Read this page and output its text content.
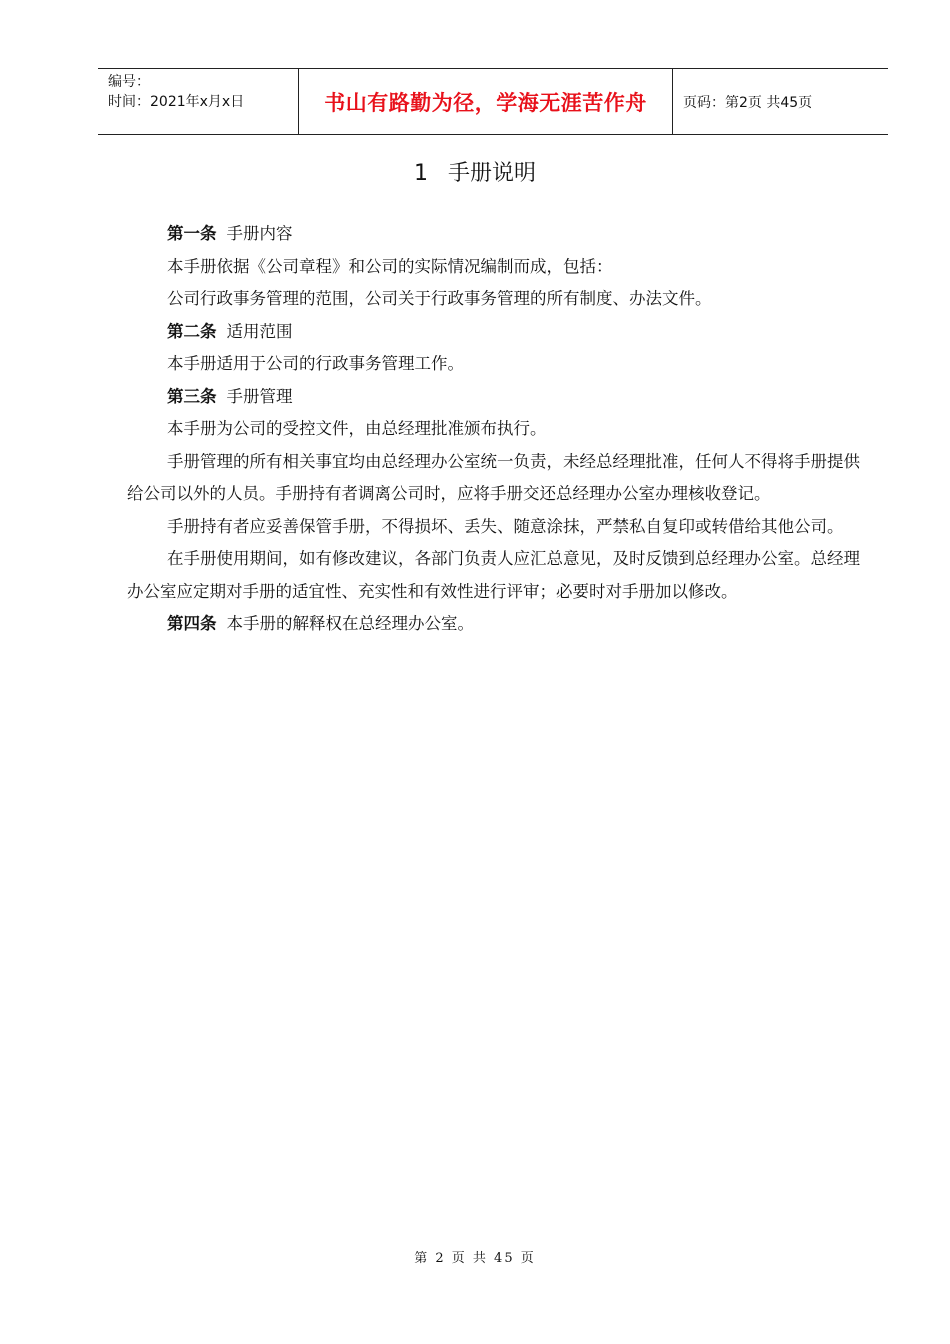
编号：
时间：2021年x月x日	书山有路勤为径，学海无涯苦作舟	页码：第2页 共45页
1 手册说明

第一条 手册内容

本手册依据《公司章程》和公司的实际情况编制而成，包括：

公司行政事务管理的范围，公司关于行政事务管理的所有制度、办法文件。

第二条 适用范围

本手册适用于公司的行政事务管理工作。

第三条 手册管理

本手册为公司的受控文件，由总经理批准颁布执行。

手册管理的所有相关事宜均由总经理办公室统一负责，未经总经理批准，任何人不得将手册提供给公司以外的人员。手册持有者调离公司时，应将手册交还总经理办公室办理核收登记。

手册持有者应妥善保管手册，不得损坏、丢失、随意涂抹，严禁私自复印或转借给其他公司。

在手册使用期间，如有修改建议，各部门负责人应汇总意见，及时反馈到总经理办公室。总经理办公室应定期对手册的适宜性、充实性和有效性进行评审；必要时对手册加以修改。

第四条 本手册的解释权在总经理办公室。

第 2 页 共 45 页
